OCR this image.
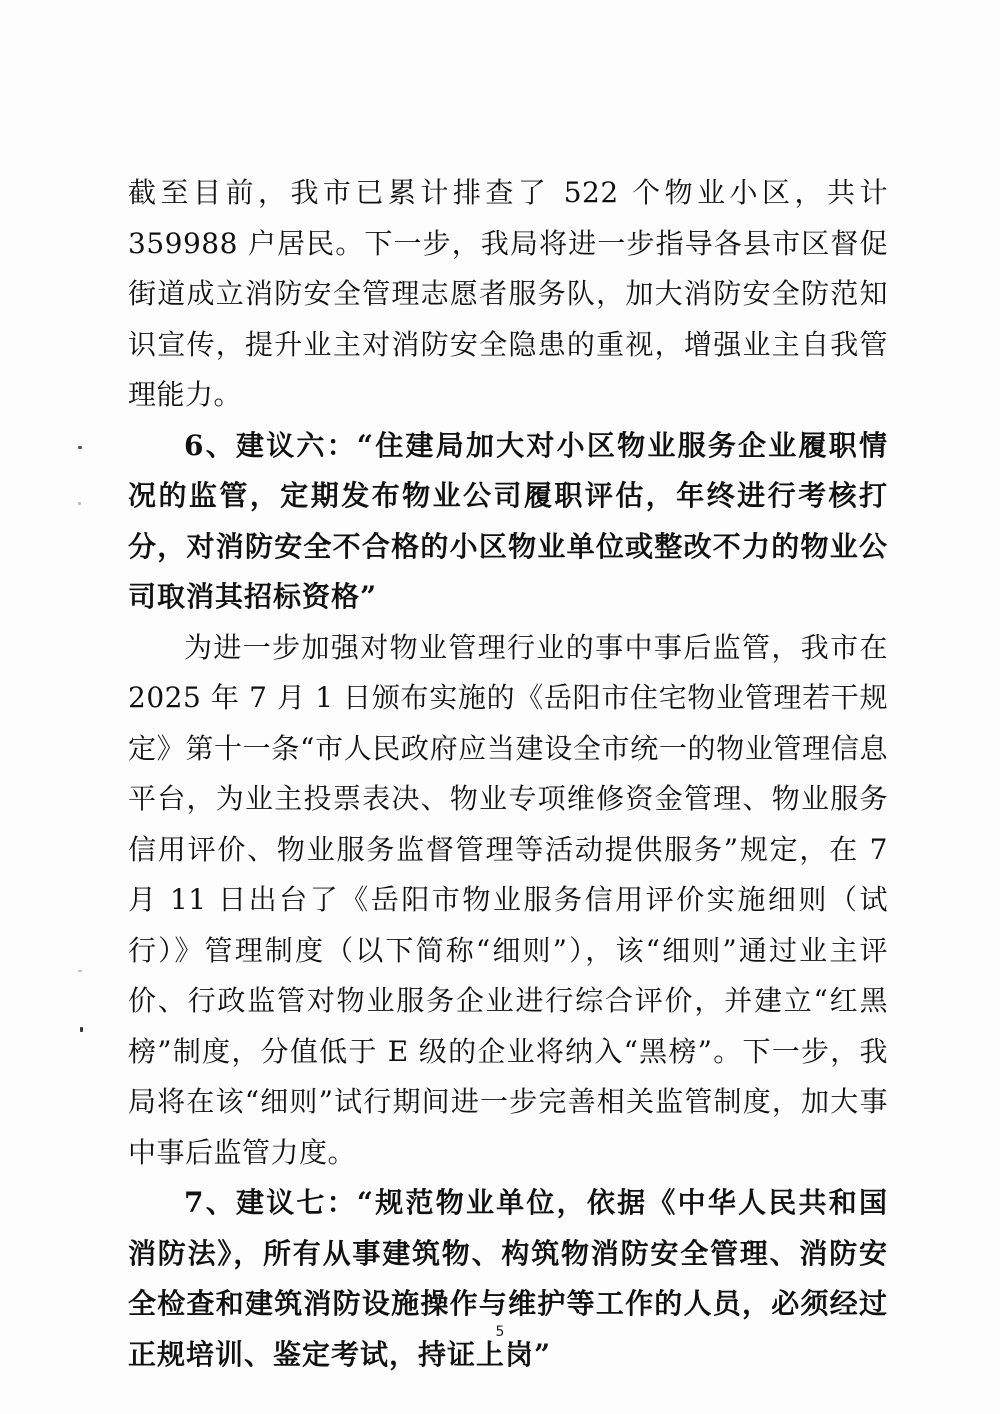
截至目前，我市已累计排查了 522 个物业小区，共计 359988 户居民。下一步，我局将进一步指导各县市区督促街道成立消防安全管理志愿者服务队，加大消防安全防范知识宣传，提升业主对消防安全隐患的重视，增强业主自我管理能力。

6、建议六：“住建局加大对小区物业服务企业履职情况的监管，定期发布物业公司履职评估，年终进行考核打分，对消防安全不合格的小区物业单位或整改不力的物业公司取消其招标资格”

为进一步加强对物业管理行业的事中事后监管，我市在 2025 年 7 月 1 日颁布实施的《岳阳市住宅物业管理若干规定》第十一条“市人民政府应当建设全市统一的物业管理信息平台，为业主投票表决、物业专项维修资金管理、物业服务信用评价、物业服务监督管理等活动提供服务”规定，在 7 月 11 日出台了《岳阳市物业服务信用评价实施细则（试行）》管理制度（以下简称“细则”），该“细则”通过业主评价、行政监管对物业服务企业进行综合评价，并建立“红黑榜”制度，分值低于 E 级的企业将纳入“黑榜”。下一步，我局将在该“细则”试行期间进一步完善相关监管制度，加大事中事后监管力度。

7、建议七：“规范物业单位，依据《中华人民共和国消防法》，所有从事建筑物、构筑物消防安全管理、消防安全检查和建筑消防设施操作与维护等工作的人员，必须经过正规培训、鉴定考试，持证上岗”

5
